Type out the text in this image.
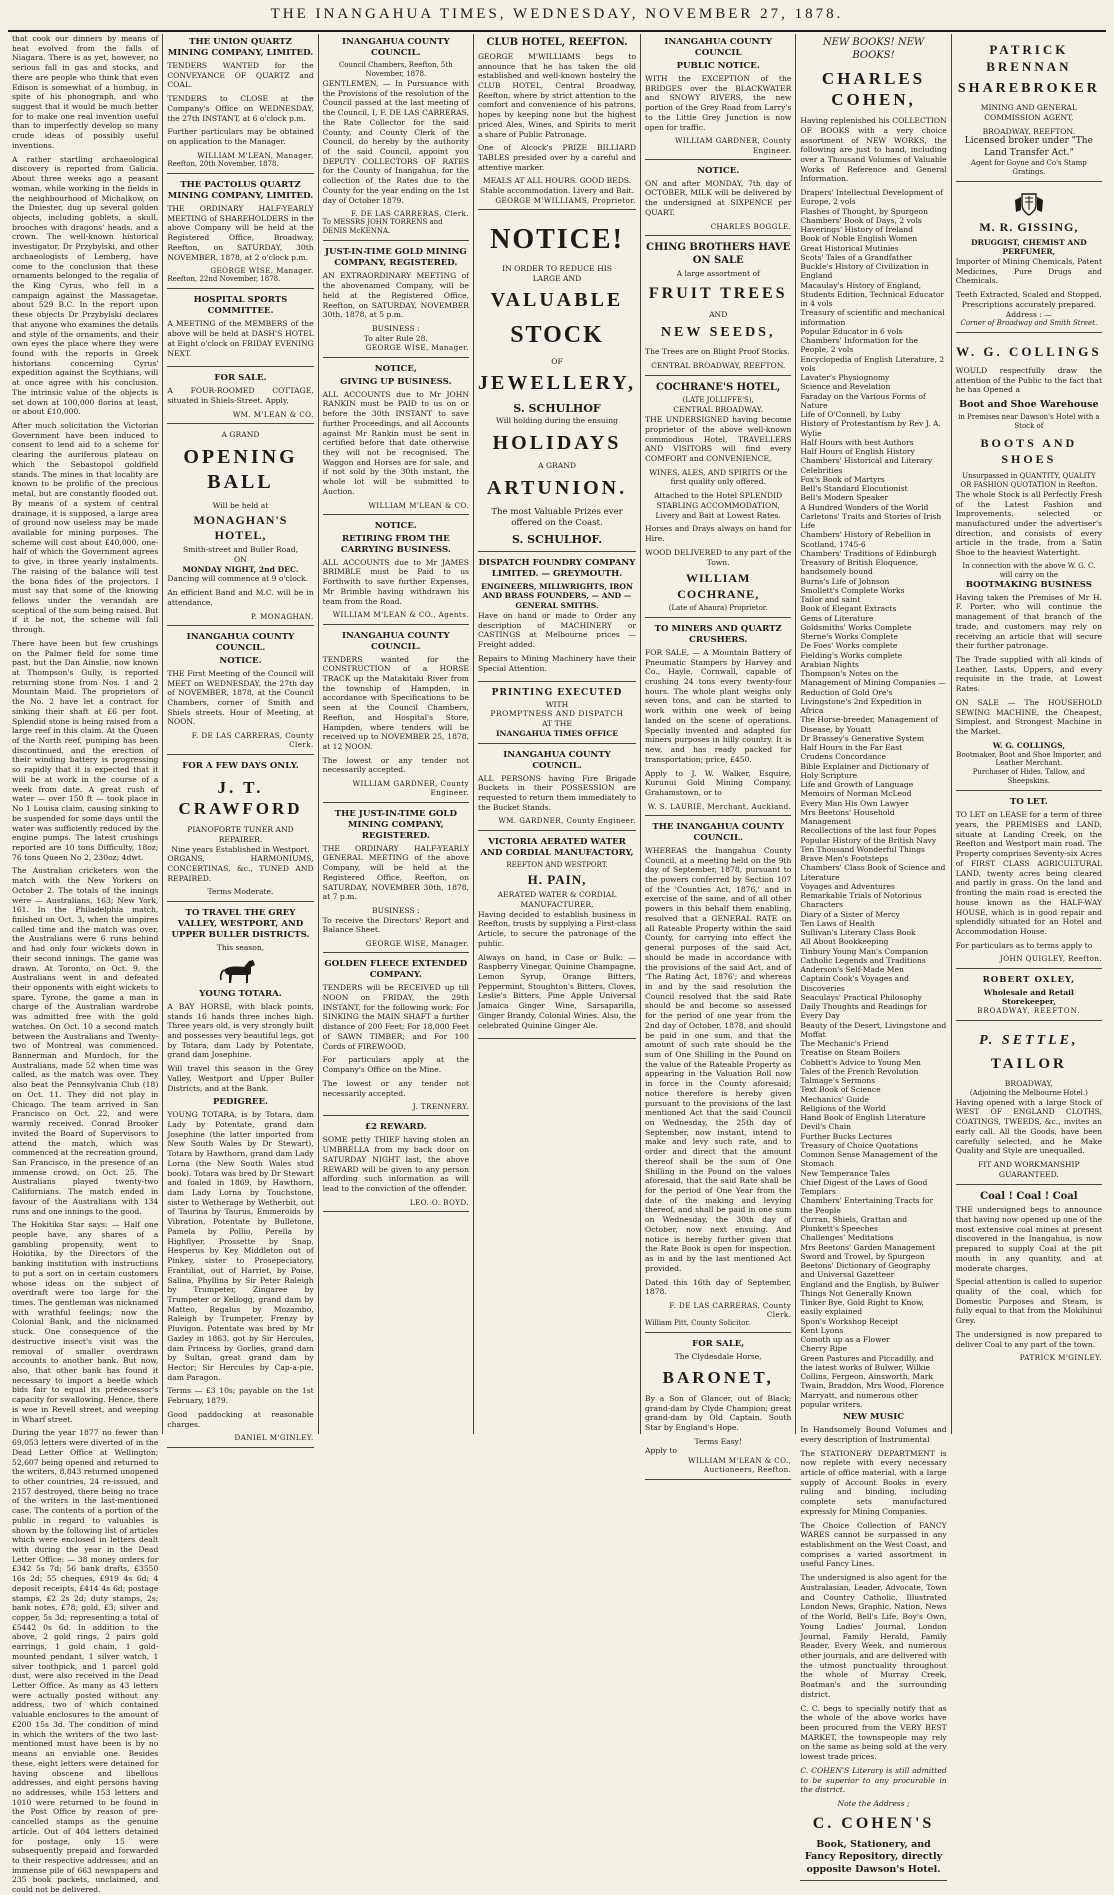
THE INANGAHUA TIMES, WEDNESDAY, NOVEMBER 27, 1878.

that cook our dinners by means of heat evolved from the falls of Niagara. There is as yet, however, no serious fall in gas and stocks, and there are people who think that even Edison is somewhat of a humbug, in spite of his phonograph, and who suggest that it would be much better for to make one real invention useful than to imperfectly develop so many crude ideas of possibly useful inventions.

A rather startling archaeological discovery is reported from Galicia. About three weeks ago a peasant woman, while working in the fields in the neighbourhood of Michalkow, on the Dniester, dug up several golden objects, including goblets, a skull, brooches with dragons' heads, and a crown. The well-known historical investigator, Dr Przybylski, and other archaeologists of Lemberg, have come to the conclusion that these ornaments belonged to the regalia of the King Cyrus, who fell in a campaign against the Massagetae, about 529 B.C. In the report upon these objects Dr Przybylski declares that anyone who examines the details and style of the ornaments, and their own eyes the place where they were found with the reports in Greek historians concerning Cyrus' expedition against the Scythians, will at once agree with his conclusion. The intrinsic value of the objects is set down at 100,000 florins at least, or about £10,000.

After much solicitation the Victorian Government have been induced to consent to lend aid to a scheme for clearing the auriferous plateau on which the Sebastopol goldfield stands. The mines in that locality are known to be prolific of the precious metal, but are constantly flooded out. By means of a system of central drainage, it is supposed, a large area of ground now useless may be made available for mining purposes. The scheme will cost about £40,000, one-half of which the Government agrees to give, in three yearly instalments. The raising of the balance will test the bona fides of the projectors. I must say that some of the knowing fellows under the verandah are sceptical of the sum being raised. But if it be not, the scheme will fall through.

There have been but few crushings on the Palmer field for some time past, but the Dan Ainslie, now known at Thompson's Gully, is reported returning stone from Nos. 1 and 2 Mountain Maid. The proprietors of the No. 2 have let a contract for sinking their shaft at £6 per foot. Splendid stone is being raised from a large reef in this claim. At the Queen of the North reef, pumping has been discontinued, and the erection of their winding battery is progressing so rapidly that it is expected that it will be at work in the course of a week from date. A great rush of water — over 150 ft — took place in No 1 Louisa claim, causing sinking to be suspended for some days until the water was sufficiently reduced by the engine pumps. The latest crushings reported are 10 tons Difficulty, 18oz; 76 tons Queen No 2, 230oz; 4dwt.

The Australian cricketers won the match with the New Yorkers on October 2. The totals of the innings were — Australians, 163; New York, 161. In the Philadelphia match, finished on Oct. 3, when the umpires called time and the match was over, the Australians were 6 runs behind and had only four wickets down in their second innings. The game was drawn. At Toronto, on Oct. 9, the Australians went in and defeated their opponents with eight wickets to spare. Tyrone, the game a man in charge of the Australian wardrobe was admitted free with the gold watches. On Oct. 10 a second match between the Australians and Twenty-two of Montreal was commenced. Bannerman and Murdoch, for the Australians, made 52 when time was called, as the match was over. They also beat the Pennsylvania Club (18) on Oct. 11. They did not play in Chicago. The team arrived in San Francisco on Oct. 22, and were warmly received. Conrad Brooker invited the Board of Supervisors to attend the match, which was commenced at the recreation ground, San Francisco, in the presence of an immense crowd, on Oct. 25. The Australians played twenty-two Californians. The match ended in favour of the Australians with 134 runs and one innings to the good.

The Hokitika Star says: — Half one people have, any shares of a gambling propensity, went to Hokitika, by the Directors of the banking institution with instructions to put a sort on in certain customers whose ideas on the subject of overdraft were too large for the times. The gentleman was nicknamed with wrathful feelings; now the Colonial Bank, and the nicknamed stuck. One consequence of the destructive insect's visit was the removal of smaller overdrawn accounts to another bank. But now, also, that other bank has found it necessary to import a beetle which bids fair to equal its predecessor's capacity for swallowing. Hence, there is woe in Revell street, and weeping in Wharf street.

During the year 1877 no fewer than 69,053 letters were diverted of in the Dead Letter Office at Wellington; 52,607 being opened and returned to the writers, 8,843 returned unopened to other countries, 24 re-issued, and 2157 destroyed, there being no trace of the writers in the last-mentioned case. The contents of a portion of the public in regard to valuables is shown by the following list of articles which were enclosed in letters dealt with during the year in the Dead Letter Office: — 38 money orders for £342 5s 7d; 56 bank drafts, £3550 16s 2d; 55 cheques, £919 4s 6d; 4 deposit receipts, £414 4s 6d; postage stamps, £2 2s 2d; duty stamps, 2s; bank notes, £78; gold, £3; silver and copper, 5s 3d; representing a total of £5442 0s 6d. In addition to the above, 2 gold rings, 2 pairs gold earrings, 1 gold chain, 1 gold-mounted pendant, 1 silver watch, 1 silver toothpick, and 1 parcel gold dust, were also received in the Dead Letter Office. As many as 43 letters were actually posted without any address, two of which contained valuable enclosures to the amount of £200 15s 3d. The condition of mind in which the writers of the two last-mentioned must have been is by no means an enviable one. Besides these, eight letters were detained for having obscene and libellous addresses, and eight persons having no addresses, while 153 letters and 1010 were returned to be found in the Post Office by reason of pre-cancelled stamps as the genuine article. Out of 404 letters detained for postage, only 15 were subsequently prepaid and forwarded to their respective addresses; and an immense pile of 663 newspapers and 235 book packets, unclaimed, and could not be delivered.

THE UNION QUARTZ MINING COMPANY, LIMITED.

TENDERS WANTED for the CONVEYANCE OF QUARTZ and COAL.

TENDERS to CLOSE at the Company's Office on WEDNESDAY, the 27th INSTANT, at 6 o'clock p.m.

Further particulars may be obtained on application to the Manager.

WILLIAM M'LEAN, Manager.
Reefton, 20th November, 1878.
THE PACTOLUS QUARTZ MINING COMPANY, LIMITED.

THE ORDINARY HALF-YEARLY MEETING of SHAREHOLDERS in the above Company will be held at the Registered Office, Broadway, Reefton, on SATURDAY, 30th NOVEMBER, 1878, at 2 o'clock p.m.

GEORGE WISE, Manager.
Reefton, 22nd November, 1878.
HOSPITAL SPORTS COMMITTEE.

A MEETING of the MEMBERS of the above will be held at DASH'S HOTEL at Eight o'clock on FRIDAY EVENING NEXT.

FOR SALE.

A FOUR-ROOMED COTTAGE, situated in Shiels-Street. Apply,

WM. M'LEAN & CO.
A GRAND
OPENING BALL
Will be held at
MONAGHAN'S HOTEL,
Smith-street and Buller Road,
ON
MONDAY NIGHT, 2nd DEC.

Dancing will commence at 9 o'clock.

An efficient Band and M.C. will be in attendance,

P. MONAGHAN.
INANGAHUA COUNTY COUNCIL.
NOTICE.

THE First Meeting of the Council will MEET on WEDNESDAY, the 27th day of NOVEMBER, 1878, at the Council Chambers, corner of Smith and Shiels streets. Hour of Meeting, at NOON.

F. DE LAS CARRERAS, County Clerk.
FOR A FEW DAYS ONLY.
J. T. CRAWFORD
PIANOFORTE TUNER AND REPAIRER.
Nine years Established in Westport.

ORGANS, HARMONIUMS, CONCERTINAS, &c., TUNED AND REPAIRED.

Terms Moderate.
TO TRAVEL THE GREY VALLEY, WESTPORT, AND UPPER BULLER DISTRICTS.
This season,
YOUNG TOTARA.

A BAY HORSE, with black points, stands 16 hands three inches high. Three years old, is very strongly built and possesses very beautiful legs, got by Totara, dam Lady by Potentate, grand dam Josephine.

Will travel this season in the Grey Valley, Westport and Upper Buller Districts, and at the Bank.

PEDIGREE.

YOUNG TOTARA, is by Totara, dam Lady by Potentate, grand dam Josephine (the latter imported from New South Wales by Dr Stewart), Totara by Hawthorn, grand dam Lady Lorna (the New South Wales stud book). Totara was bred by Dr Stewart and foaled in 1869, by Hawthorn, dam Lady Lorna by Touchstone, sister to Wetherage by Wetherbit, out of Taurina by Taurus, Emmeroids by Vibration, Potentate by Bulletone, Pamela by Pollio, Perella by Highflyer, Prossette by Snap, Hesperus by Key Middleton out of Pinkey, sister to Prosepeciatory, Frantiliat, out of Harriet, by Poise, Salina, Phyllina by Sir Peter Raleigh by Trumpeter, Zingaree by Trumpeter or Kellogg, grand dam by Matteo, Regalus by Mozambo, Raleigh by Trumpeter, Frenzy by Pluvigon. Potentate was bred by Mr Gazley in 1863, got by Sir Hercules, dam Princess by Gorlies, grand dam by Sultan, great grand dam by Hector; Sir Hercules by Cap-a-pie, dam Paragon.

Terms — £3 10s; payable on the 1st February, 1879.

Good paddocking at reasonable charges.

DANIEL M'GINLEY.
INANGAHUA COUNTY COUNCIL.
Council Chambers, Reefton, 5th November, 1878.

GENTLEMEN, — In Pursuance with the Provisions of the resolution of the Council passed at the last meeting of the Council, I, F. DE LAS CARRERAS, the Rate Collector for the said County, and County Clerk of the Council, do hereby by the authority of the said Council, appoint you DEPUTY COLLECTORS OF RATES for the County of Inangahua, for the collection of the Rates due to the County for the year ending on the 1st day of October 1879.

F. DE LAS CARRERAS, Clerk.
To MESSRS JOHN TORRENS and DENIS McKENNA.
JUST-IN-TIME GOLD MINING COMPANY, REGISTERED.

AN EXTRAORDINARY MEETING of the abovenamed Company, will be held at the Registered Office, Reefton, on SATURDAY, NOVEMBER 30th, 1878, at 5 p.m.

BUSINESS :
To alter Rule 28.
GEORGE WISE, Manager.
NOTICE,
GIVING UP BUSINESS.

ALL ACCOUNTS due to Mr JOHN RANKIN must be PAID to us on or before the 30th INSTANT to save further Proceedings, and all Accounts against Mr Rankin must be sent in certified before that date otherwise they will not be recognised. The Waggon and Horses are for sale, and if not sold by the 30th instant, the whole lot will be submitted to Auction.

WILLIAM M'LEAN & CO.
NOTICE.
RETIRING FROM THE CARRYING BUSINESS.

ALL ACCOUNTS due to Mr JAMES BRIMBLE must be Paid to us Forthwith to save further Expenses, Mr Brimble having withdrawn his team from the Road.

WILLIAM M'LEAN & CO., Agents.
INANGAHUA COUNTY COUNCIL.

TENDERS wanted for the CONSTRUCTION of a HORSE TRACK up the Matakitaki River from the township of Hampden, in accordance with Specifications to be seen at the Council Chambers, Reefton, and Hospital's Store, Hampden, where tenders will be received up to NOVEMBER 25, 1878, at 12 NOON.

The lowest or any tender not necessarily accepted.

WILLIAM GARDNER, County Engineer.
THE JUST-IN-TIME GOLD MINING COMPANY, REGISTERED.

THE ORDINARY HALF-YEARLY GENERAL MEETING of the above Company, will be held at the Registered Office, Reefton, on SATURDAY, NOVEMBER 30th, 1878, at 7 p.m.

BUSINESS :

To receive the Directors' Report and Balance Sheet.

GEORGE WISE, Manager.
GOLDEN FLEECE EXTENDED COMPANY.

TENDERS will be RECEIVED up till NOON on FRIDAY, the 29th INSTANT, for the following work: For SINKING the MAIN SHAFT a further distance of 200 Feet; For 18,000 Feet of SAWN TIMBER; and For 100 Cords of FIREWOOD.

For particulars apply at the Company's Office on the Mine.

The lowest or any tender not necessarily accepted.

J. TRENNERY.
£2 REWARD.

SOME petty THIEF having stolen an UMBRELLA from my back door on SATURDAY NIGHT last, the above REWARD will be given to any person affording such information as will lead to the conviction of the offender.

LEO. O. BOYD.
CLUB HOTEL, REEFTON.

GEORGE M'WILLIAMS begs to announce that he has taken the old established and well-known hostelry the CLUB HOTEL, Central Broadway, Reefton, where by strict attention to the comfort and convenience of his patrons, hopes by keeping none but the highest priced Ales, Wines, and Spirits to merit a share of Public Patronage.

One of Alcock's PRIZE BILLIARD TABLES presided over by a careful and attentive marker.

MEALS AT ALL HOURS. GOOD BEDS.
Stable accommodation. Livery and Bait.
GEORGE M'WILLIAMS, Proprietor.
NOTICE!
IN ORDER TO REDUCE HIS
LARGE AND
VALUABLE
STOCK
OF
JEWELLERY,
S. SCHULHOF
Will holding during the ensuing
HOLIDAYS
A GRAND
ARTUNION.

The most Valuable Prizes ever offered on the Coast.

S. SCHULHOF.
DISPATCH FOUNDRY COMPANY LIMITED. — GREYMOUTH.
ENGINEERS, MILLWRIGHTS, IRON AND BRASS FOUNDERS, — AND — GENERAL SMITHS.

Have on hand or made to Order any description of MACHINERY or CASTINGS at Melbourne prices — Freight added.

Repairs to Mining Machinery have their Special Attention.

PRINTING EXECUTED
WITH
PROMPTNESS AND DISPATCH
AT THE
INANGAHUA TIMES OFFICE
INANGAHUA COUNTY COUNCIL.

ALL PERSONS having Fire Brigade Buckets in their POSSESSION are requested to return them immediately to the Bucket Stands.

WM. GARDNER, County Engineer.
VICTORIA AERATED WATER AND CORDIAL MANUFACTORY,
REEFTON AND WESTPORT.
H. PAIN,
AERATED WATER & CORDIAL MANUFACTURER,

Having decided to establish business in Reefton, trusts by supplying a First-class Article, to secure the patronage of the public.

Always on hand, in Case or Bulk: — Raspberry Vinegar, Quinine Champagne, Lemon Syrup, Orange Bitters, Peppermint, Stoughton's Bitters, Cloves, Leslie's Bitters, Pine Apple Universal Jamaica Ginger Wine, Sarsaparilla, Ginger Brandy, Colonial Wines. Also, the celebrated Quinine Ginger Ale.

INANGAHUA COUNTY COUNCIL
PUBLIC NOTICE.

WITH the EXCEPTION of the BRIDGES over the BLACKWATER and SNOWY RIVERS, the new portion of the Grey Road from Larry's to the Little Grey Junction is now open for traffic.

WILLIAM GARDNER, County Engineer.
NOTICE.

ON and after MONDAY, 7th day of OCTOBER, MILK will be delivered by the undersigned at SIXPENCE per QUART.

CHARLES BOGGLE.
CHING BROTHERS HAVE ON SALE
A large assortment of
FRUIT TREES
AND
NEW SEEDS,

The Trees are on Blight Proof Stocks.

CENTRAL BROADWAY, REEFTON.
COCHRANE'S HOTEL,
(LATE JOLLIFFE'S),
CENTRAL BROADWAY.

THE UNDERSIGNED having become proprietor of the above well-known commodious Hotel, TRAVELLERS AND VISITORS will find every COMFORT and CONVENIENCE,

WINES, ALES, AND SPIRITS Of the first quality only offered.

Attached to the Hotel SPLENDID STABLING ACCOMMODATION, Livery and Bait at Lowest Rates.

Horses and Drays always on hand for Hire.

WOOD DELIVERED to any part of the Town.

WILLIAM COCHRANE,
(Late of Ahaura) Proprietor.
TO MINERS AND QUARTZ CRUSHERS.

FOR SALE, — A Mountain Battery of Pneumatic Stampers by Harvey and Co., Hayle, Cornwall, capable of crushing 24 tons every twenty-four hours. The whole plant weighs only seven tons, and can be started to work within one week of being landed on the scene of operations. Specially invented and adapted for miners purposes in hilly country. It is new, and has ready packed for transportation; price, £450.

Apply to J. W. Walker, Esquire, Kurunui Gold Mining Company, Grahamstown, or to

W. S. LAURIE, Merchant, Auckland.
THE INANGAHUA COUNTY COUNCIL.

WHEREAS the Inangahua County Council, at a meeting held on the 9th day of September, 1878, pursuant to the powers conferred by Section 107 of the 'Counties Act, 1876,' and in exercise of the same, and of all other powers in this behalf them enabling, resolved that a GENERAL RATE on all Rateable Property within the said County, for carrying into effect the general purposes of the said Act, should be made in accordance with the provisions of the said Act, and of 'The Rating Act, 1876'; and whereas in and by the said resolution the Council resolved that the said Rate should be and become so assessed for the period of one year from the 2nd day of October, 1878, and should be paid in one sum, and that the amount of such rate should be the sum of One Shilling in the Pound on the value of the Rateable Property as appearing in the Valuation Roll now in force in the County aforesaid; notice therefore is hereby given pursuant to the provisions of the last mentioned Act that the said Council on Wednesday, the 25th day of September, now instant, intend to make and levy such rate, and to order and direct that the amount thereof shall be the sum of One Shilling in the Pound on the values aforesaid, that the said Rate shall be for the period of One Year from the date of the making and levying thereof, and shall be paid in one sum on Wednesday, the 30th day of October, now next ensuing. And notice is hereby further given that the Rate Book is open for inspection, as in and by the last mentioned Act provided.

Dated this 16th day of September, 1878.

F. DE LAS CARRERAS, County Clerk.
William Pitt, County Solicitor.
FOR SALE,
The Clydesdale Horse,
BARONET,

By a Son of Glancer, out of Black; grand-dam by Clyde Champion; great grand-dam by Old Captain. South Star by England's Hope.

Terms Easy!
Apply to
WILLIAM M'LEAN & CO., Auctioneers, Reefton.
NEW BOOKS! NEW BOOKS!
CHARLES COHEN,

Having replenished his COLLECTION OF BOOKS with a very choice assortment of NEW WORKS, the following are just to hand, including over a Thousand Volumes of Valuable Works of Reference and General Information.

Drapers' Intellectual Development of Europe, 2 vols
Flashes of Thought, by Spurgeon
Chambers' Book of Days, 2 vols
Haverings' History of Ireland
Book of Noble English Women
Great Historical Mutinies
Scots' Tales of a Grandfather
Buckle's History of Civilization in England
Macaulay's History of England, Students Edition, Technical Educator in 4 vols
Treasury of scientific and mechanical information
Popular Educator in 6 vols
Chambers' Information for the People, 2 vols
Encyclopedia of English Literature, 2 vols
Lavater's Physiognomy
Science and Revelation
Faraday on the Various Forms of Nature
Life of O'Connell, by Luby
History of Protestantism by Rev J. A. Wylie
Half Hours with best Authors
Half Hours of English History
Chambers' Historical and Literary Celebrities
Fox's Book of Martyrs
Bell's Standard Elocutionist
Bell's Modern Speaker
A Hundred Wonders of the World
Carletons' Traits and Stories of Irish Life
Chambers' History of Rebellion in Scotland, 1745-6
Chambers' Traditions of Edinburgh
Treasury of British Eloquence, handsomely bound
Burns's Life of Johnson
Smollett's Complete Works
Tailor and saint
Book of Elegant Extracts
Gems of Literature
Goldsmiths' Works Complete
Sterne's Works Complete
De Foes' Works complete
Fielding's Works complete
Arabian Nights
Thompson's Notes on the Management of Mining Companies — Reduction of Gold Ore's
Livingstone's 2nd Expedition in Africa
The Horse-breeder, Management of Disease, by Youatt
Dr Brassey's Generative System
Half Hours in the Far East
Crudens Concordance
Bible Explainer and Dictionary of Holy Scripture
Life and Growth of Language
Memoirs of Norman McLeod
Every Man His Own Lawyer
Mrs Beetons' Household Management
Recollections of the last four Popes
Popular History of the British Navy
Ten Thousand Wonderful Things
Brave Men's Footsteps
Chambers' Class Book of Science and Literature
Voyages and Adventures
Remarkable Trials of Notorious Characters
Diary of a Sister of Mercy
Ten Laws of Health
Sullivan's Literary Class Book
All About Bookkeeping
Tinbury Young Man's Companion
Catholic Legends and Traditions
Anderson's Self-Made Men
Captain Cook's Voyages and Discoveries
Seaculays' Practical Philosophy
Daily Thoughts and Readings for Every Day
Beauty of the Desert, Livingstone and Moffat
The Mechanic's Friend
Treatise on Steam Boilers
Cobbett's Advice to Young Men
Tales of the French Revolution
Talmage's Sermons
Text Book of Science
Mechanics' Guide
Religions of the World
Hand Book of English Literature
Devil's Chain
Further Bucks Lectures
Treasury of Choice Quotations
Common Sense Management of the Stomach
New Temperance Tales
Chief Digest of the Laws of Good Templars
Chambers' Entertaining Tracts for the People
Curran, Shiels, Grattan and Plunkett's Speeches
Challenges' Meditations
Mrs Beetons' Garden Management
Sword and Trowel, by Spurgeon
Beetons' Dictionary of Geography and Universal Gazetteer
England and the English, by Bulwer
Things Not Generally Known
Tinker Bye, Gold Right to Know, easily explained
Spon's Workshop Receipt
Kent Lyons
Comoth up as a Flower
Cherry Ripe
Green Pastures and Piccadilly, and the latest works of Bulwer, Wilkie Collins, Fergeon, Ainsworth, Mark Twain, Braddon, Mrs Wood, Florence Marryatt, and numerous other popular writers.
NEW MUSIC

In Handsomely Bound Volumes and every description of Instrumental

The STATIONERY DEPARTMENT is now replete with every necessary article of office material, with a large supply of Account Books in every ruling and binding, including complete sets manufactured expressly for Mining Companies.

The Choice Collection of FANCY WARES cannot be surpassed in any establishment on the West Coast, and comprises a varied assortment in useful Fancy Lines.

The undersigned is also agent for the Australasian, Leader, Advocate, Town and Country Catholic, Illustrated London News, Graphic, Nation, News of the World, Bell's Life, Boy's Own, Young Ladies' Journal, London Journal, Family Herald, Family Reader, Every Week, and numerous other journals, and are delivered with the utmost punctuality throughout the whole of Murray Creek, Boatman's and the surrounding district.

C. C. begs to specially notify that as the whole of the above works have been procured from the VERY BEST MARKET, the townspeople may rely on the same as being sold at the very lowest trade prices.

C. COHEN'S Literary is still admitted to be superior to any procurable in the district.

Note the Address ;
C. COHEN'S
Book, Stationery, and Fancy Repository, directly opposite Dawson's Hotel.
PATRICK BRENNAN
SHAREBROKER

MINING AND GENERAL COMMISSION AGENT,

BROADWAY, REEFTON.
Licensed broker under "The Land Transfer Act."
Agent for Goyne and Co's Stamp Gratings.
M. R. GISSING,
DRUGGIST, CHEMIST AND PERFUMER,

Importer of Mining Chemicals, Patent Medicines, Pure Drugs and Chemicals.

Teeth Extracted, Scaled and Stopped.
Prescriptions accurately prepared.
Address : —
Corner of Broadway and Smith Street.
W. G. COLLINGS

WOULD respectfully draw the attention of the Public to the fact that he has Opened a

Boot and Shoe Warehouse
in Premises near Dawson's Hotel with a Stock of
BOOTS AND SHOES
Unsurpassed in QUANTITY, QUALITY OR FASHION QUOTATION in Reefton.

The whole Stock is all Perfectly Fresh of the Latest Fashion and Improvements, selected or manufactured under the advertiser's direction, and consists of every article in the trade, from a Satin Shoe to the heaviest Watertight.

In connection with the above W. G. C. will carry on the
BOOTMAKING BUSINESS

Having taken the Premises of Mr H. F. Porter, who will continue the management of that branch of the trade, and customers may rely on receiving an article that will secure their further patronage.

The Trade supplied with all kinds of Leather, Lasts, Uppers, and every requisite in the trade, at Lowest Rates.

ON SALE — The HOUSEHOLD SEWING MACHINE, the Cheapest, Simplest, and Strongest Machine in the Market.

W. G. COLLINGS,
Bootmaker, Boot and Shoe Importer, and Leather Merchant.
Purchaser of Hides, Tallow, and Sheepskins.
TO LET.

TO LET on LEASE for a term of three years, the PREMISES and LAND, situate at Landing Creek, on the Reefton and Westport main road. The Property comprises Seventy-six Acres of FIRST CLASS AGRICULTURAL LAND, twenty acres being cleared and partly in grass. On the land and fronting the main road is erected the house known as the HALF-WAY HOUSE, which is in good repair and splendidly situated for an Hotel and Accommodation House.

For particulars as to terms apply to

JOHN QUIGLEY, Reefton.
ROBERT OXLEY,
Wholesale and Retail Storekeeper,
BROADWAY, REEFTON.
P. SETTLE,
TAILOR
BROADWAY,
(Adjoining the Melbourne Hotel.)

Having opened with a large Stock of WEST OF ENGLAND CLOTHS, COATINGS, TWEEDS, &c., invites an early call. All the Goods, have been carefully selected, and he Make Quality and Style are unequalled.

FIT AND WORKMANSHIP GUARANTEED.
Coal ! Coal ! Coal

THE undersigned begs to announce that having now opened up one of the most extensive coal mines at present discovered in the Inangahua, is now prepared to supply Coal at the pit mouth in any quantity, and at moderate charges.

Special attention is called to superior quality of the coal, which for Domestic Purposes and Steam, is fully equal to that from the Mokihinui Grey.

The undersigned is now prepared to deliver Coal to any part of the town.

PATRICK M'GINLEY.
